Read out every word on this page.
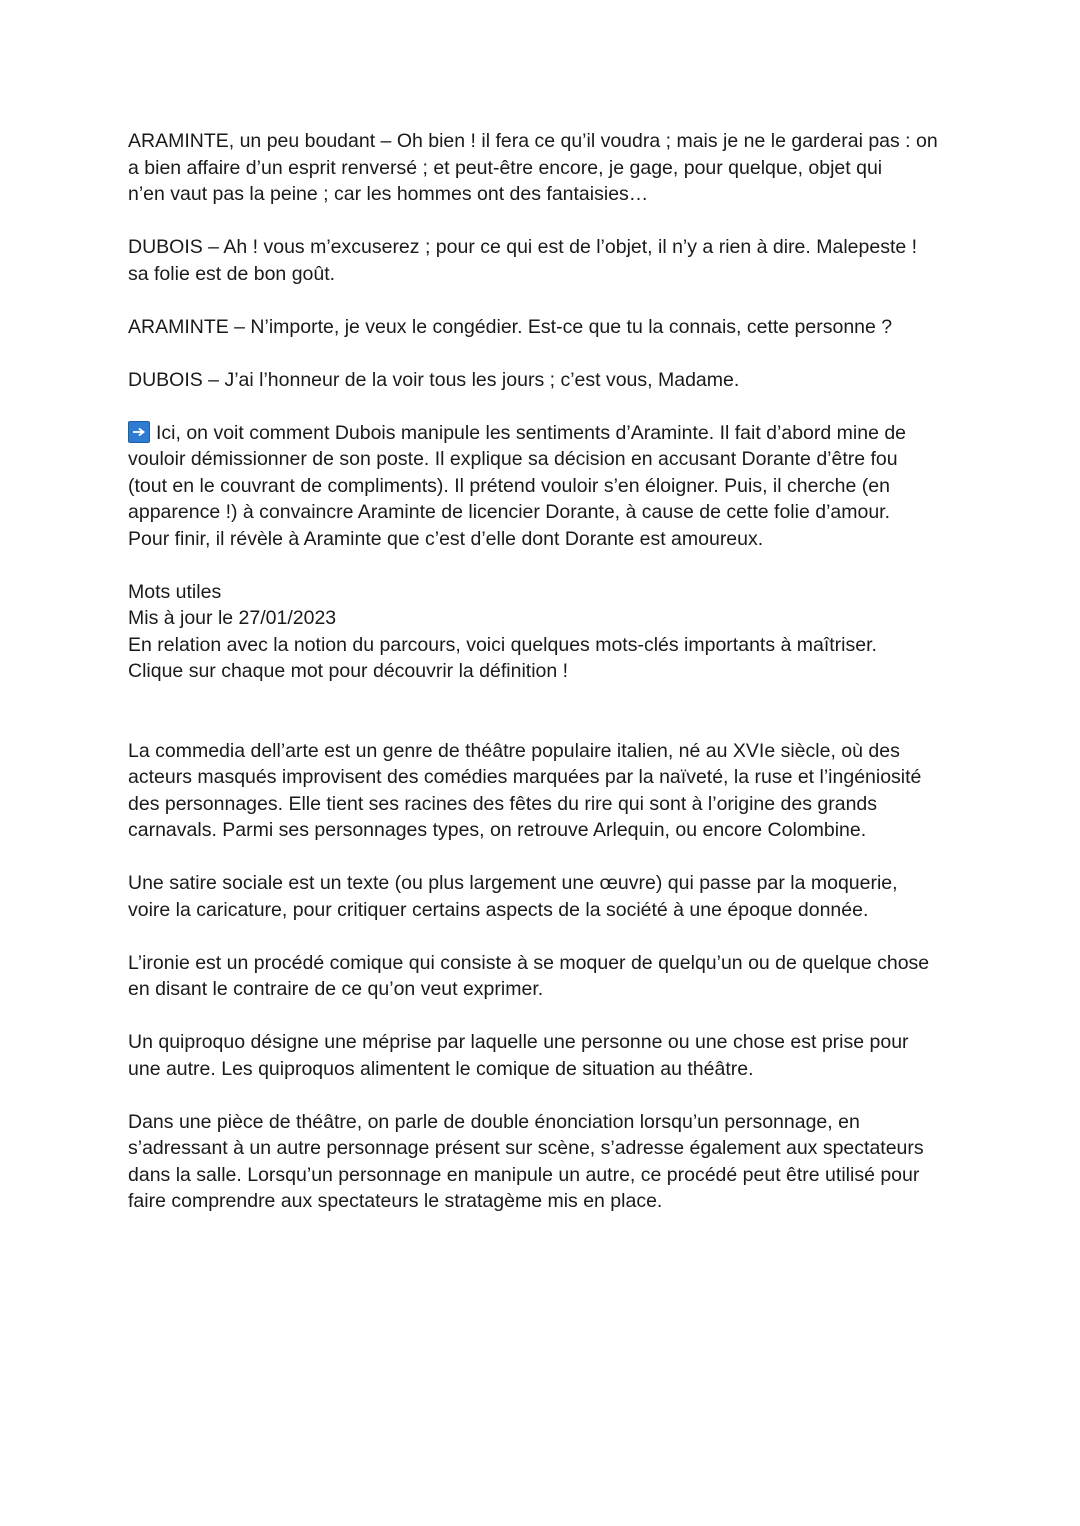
ARAMINTE, un peu boudant – Oh bien ! il fera ce qu’il voudra ; mais je ne le garderai pas : on
a bien affaire d’un esprit renversé ; et peut-être encore, je gage, pour quelque, objet qui
n’en vaut pas la peine ; car les hommes ont des fantaisies…
DUBOIS – Ah ! vous m’excuserez ; pour ce qui est de l’objet, il n’y a rien à dire. Malepeste !
sa folie est de bon goût.
ARAMINTE – N’importe, je veux le congédier. Est-ce que tu la connais, cette personne ?
DUBOIS – J’ai l’honneur de la voir tous les jours ; c’est vous, Madame.
Ici, on voit comment Dubois manipule les sentiments d’Araminte. Il fait d’abord mine de
vouloir démissionner de son poste. Il explique sa décision en accusant Dorante d’être fou
(tout en le couvrant de compliments). Il prétend vouloir s’en éloigner. Puis, il cherche (en
apparence !) à convaincre Araminte de licencier Dorante, à cause de cette folie d’amour.
Pour finir, il révèle à Araminte que c’est d’elle dont Dorante est amoureux.
Mots utiles
Mis à jour le 27/01/2023
En relation avec la notion du parcours, voici quelques mots-clés importants à maîtriser.
Clique sur chaque mot pour découvrir la définition !
La commedia dell’arte est un genre de théâtre populaire italien, né au XVIe siècle, où des
acteurs masqués improvisent des comédies marquées par la naïveté, la ruse et l’ingéniosité
des personnages. Elle tient ses racines des fêtes du rire qui sont à l’origine des grands
carnavals. Parmi ses personnages types, on retrouve Arlequin, ou encore Colombine.
Une satire sociale est un texte (ou plus largement une œuvre) qui passe par la moquerie,
voire la caricature, pour critiquer certains aspects de la société à une époque donnée.
L’ironie est un procédé comique qui consiste à se moquer de quelqu’un ou de quelque chose
en disant le contraire de ce qu’on veut exprimer.
Un quiproquo désigne une méprise par laquelle une personne ou une chose est prise pour
une autre. Les quiproquos alimentent le comique de situation au théâtre.
Dans une pièce de théâtre, on parle de double énonciation lorsqu’un personnage, en
s’adressant à un autre personnage présent sur scène, s’adresse également aux spectateurs
dans la salle. Lorsqu’un personnage en manipule un autre, ce procédé peut être utilisé pour
faire comprendre aux spectateurs le stratagème mis en place.
